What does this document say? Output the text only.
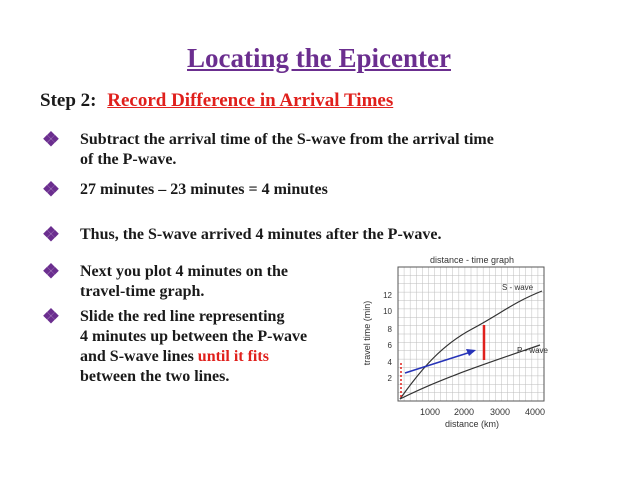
Locating the Epicenter
Step 2: Record Difference in Arrival Times
❖ Subtract the arrival time of the S-wave from the arrival time
of the P-wave.
❖ 27 minutes – 23 minutes = 4 minutes
❖ Thus, the S-wave arrived 4 minutes after the P-wave.
❖ Next you plot 4 minutes on the
travel-time graph.
❖ Slide the red line representing
4 minutes up between the P-wave
and S-wave lines until it fits
between the two lines.
distance - time graph
distance (km)
travel time (min)
1000 2000 3000 4000
2
4
6
8
10
12
S - wave
P - wave
